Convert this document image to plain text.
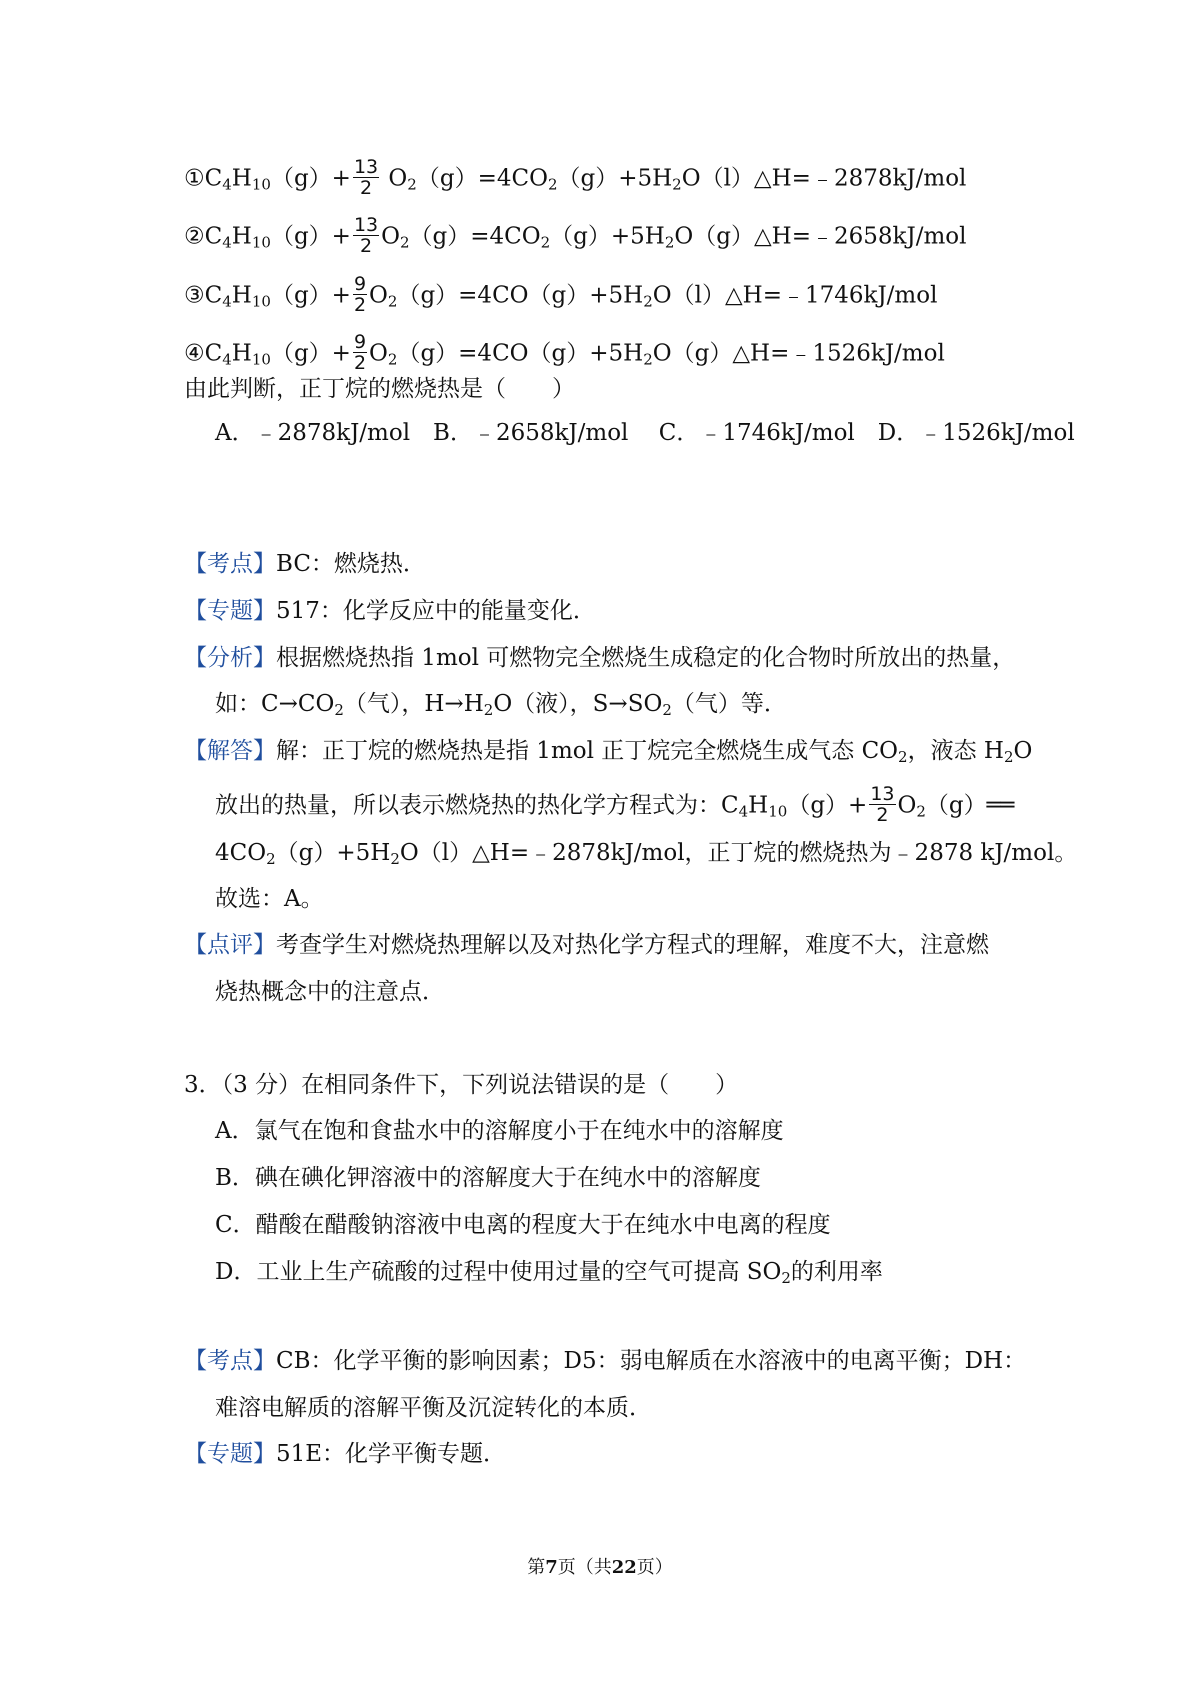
$①C_4H_{10}(g)+ \frac{13}{2}$ $O_2(g)=4CO_2(g)+5H_2O(l)\triangle H=﹣2878kJ$/mol
$②C_4H_{10}(g)+ \frac{13}{2}$ $O_2(g)=4CO_2(g)+5H_2O(g)\triangle H=﹣2658kJ$/mol
$③C_4H_{10}(g)+ \frac{9}{2}$ $O_2(g)=4CO(g)+5H_2O(l)\triangle H=﹣1746kJ$/mol
$④C_4H_{10}(g)+ \frac{9}{2}$ $O_2(g)=4CO(g)+5H_2O(g)\triangle H=﹣1526kJ$/mol
由此判断，正丁烷的燃烧热是（　　）
A．﹣2878kJ/mol　B．﹣2658kJ/mol　 C．﹣1746kJ/mol　D．﹣1526kJ/mol
【考点】BC：燃烧热．
【专题】517：化学反应中的能量变化．
【分析】根据燃烧热指 1mol 可燃物完全燃烧生成稳定的化合物时所放出的热量，
如：$C\to CO_2$（气），$H\to H_2O$（液），$S\to SO_2$（气）等．
【解答】解：正丁烷的燃烧热是指 1mol 正丁烷完全燃烧生成气态 $CO_2$，液态 $H_2O$
放出的热量，所以表示燃烧热的热化学方程式为：$C_4H_{10}(g)+ \frac{13}{2}$ $O_2(g)══$
$4CO_2(g)+5H_2O(l)\triangle H=﹣2878kJ$/mol，正丁烷的燃烧热为﹣2878 kJ/mol。
故选：A。
【点评】考查学生对燃烧热理解以及对热化学方程式的理解，难度不大，注意燃
烧热概念中的注意点．
3．（3 分）在相同条件下，下列说法错误的是（　　）
A．氯气在饱和食盐水中的溶解度小于在纯水中的溶解度
B．碘在碘化钾溶液中的溶解度大于在纯水中的溶解度
C．醋酸在醋酸钠溶液中电离的程度大于在纯水中电离的程度
D．工业上生产硫酸的过程中使用过量的空气可提高 $SO_2$的利用率
【考点】CB：化学平衡的影响因素；D5：弱电解质在水溶液中的电离平衡；DH：
难溶电解质的溶解平衡及沉淀转化的本质．
【专题】51E：化学平衡专题．
第7页（共22页）
